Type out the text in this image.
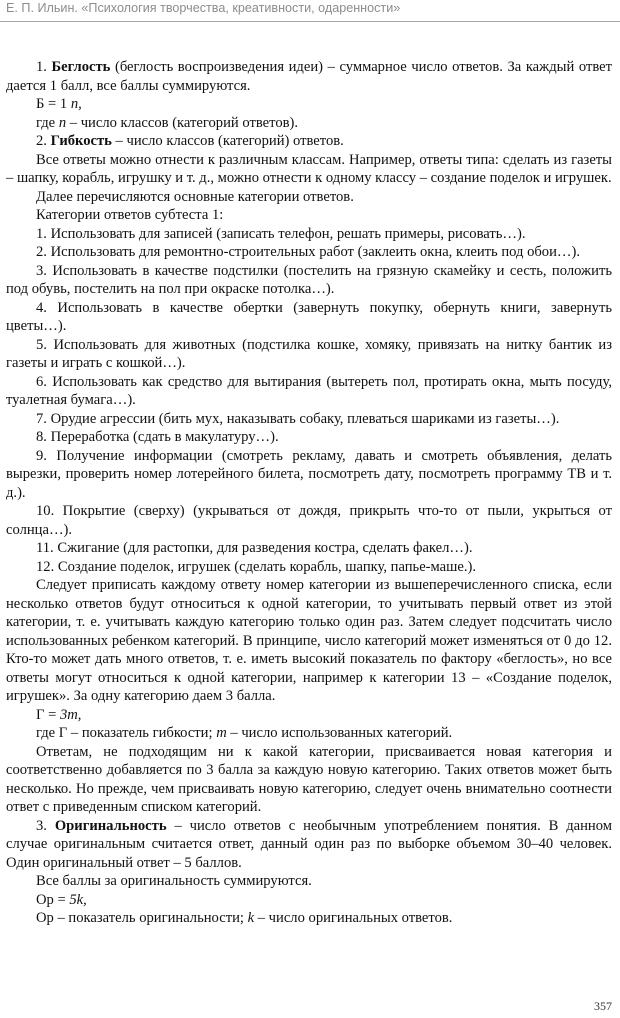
Е. П. Ильин. «Психология творчества, креативности, одаренности»

1. Беглость (беглость воспроизведения идеи) – суммарное число ответов. За каждый ответ дается 1 балл, все баллы суммируются.

Б = 1 n,

где n – число классов (категорий ответов).

2. Гибкость – число классов (категорий) ответов.

Все ответы можно отнести к различным классам. Например, ответы типа: сделать из газеты – шапку, корабль, игрушку и т. д., можно отнести к одному классу – создание поделок и игрушек.

Далее перечисляются основные категории ответов.

Категории ответов субтеста 1:

1. Использовать для записей (записать телефон, решать примеры, рисовать…).

2. Использовать для ремонтно-строительных работ (заклеить окна, клеить под обои…).

3. Использовать в качестве подстилки (постелить на грязную скамейку и сесть, положить под обувь, постелить на пол при окраске потолка…).

4. Использовать в качестве обертки (завернуть покупку, обернуть книги, завернуть цветы…).

5. Использовать для животных (подстилка кошке, хомяку, привязать на нитку бантик из газеты и играть с кошкой…).

6. Использовать как средство для вытирания (вытереть пол, протирать окна, мыть посуду, туалетная бумага…).

7. Орудие агрессии (бить мух, наказывать собаку, плеваться шариками из газеты…).

8. Переработка (сдать в макулатуру…).

9. Получение информации (смотреть рекламу, давать и смотреть объявления, делать вырезки, проверить номер лотерейного билета, посмотреть дату, посмотреть программу ТВ и т. д.).

10. Покрытие (сверху) (укрываться от дождя, прикрыть что-то от пыли, укрыться от солнца…).

11. Сжигание (для растопки, для разведения костра, сделать факел…).

12. Создание поделок, игрушек (сделать корабль, шапку, папье-маше.).

Следует приписать каждому ответу номер категории из вышеперечисленного списка, если несколько ответов будут относиться к одной категории, то учитывать первый ответ из этой категории, т. е. учитывать каждую категорию только один раз. Затем следует подсчитать число использованных ребенком категорий. В принципе, число категорий может изменяться от 0 до 12. Кто-то может дать много ответов, т. е. иметь высокий показатель по фактору «беглость», но все ответы могут относиться к одной категории, например к категории 13 – «Создание поделок, игрушек». За одну категорию даем 3 балла.

Г = 3m,

где Г – показатель гибкости; m – число использованных категорий.

Ответам, не подходящим ни к какой категории, присваивается новая категория и соответственно добавляется по 3 балла за каждую новую категорию. Таких ответов может быть несколько. Но прежде, чем присваивать новую категорию, следует очень внимательно соотнести ответ с приведенным списком категорий.

3. Оригинальность – число ответов с необычным употреблением понятия. В данном случае оригинальным считается ответ, данный один раз по выборке объемом 30–40 человек. Один оригинальный ответ – 5 баллов.

Все баллы за оригинальность суммируются.

Ор = 5k,

Ор – показатель оригинальности; k – число оригинальных ответов.

357
